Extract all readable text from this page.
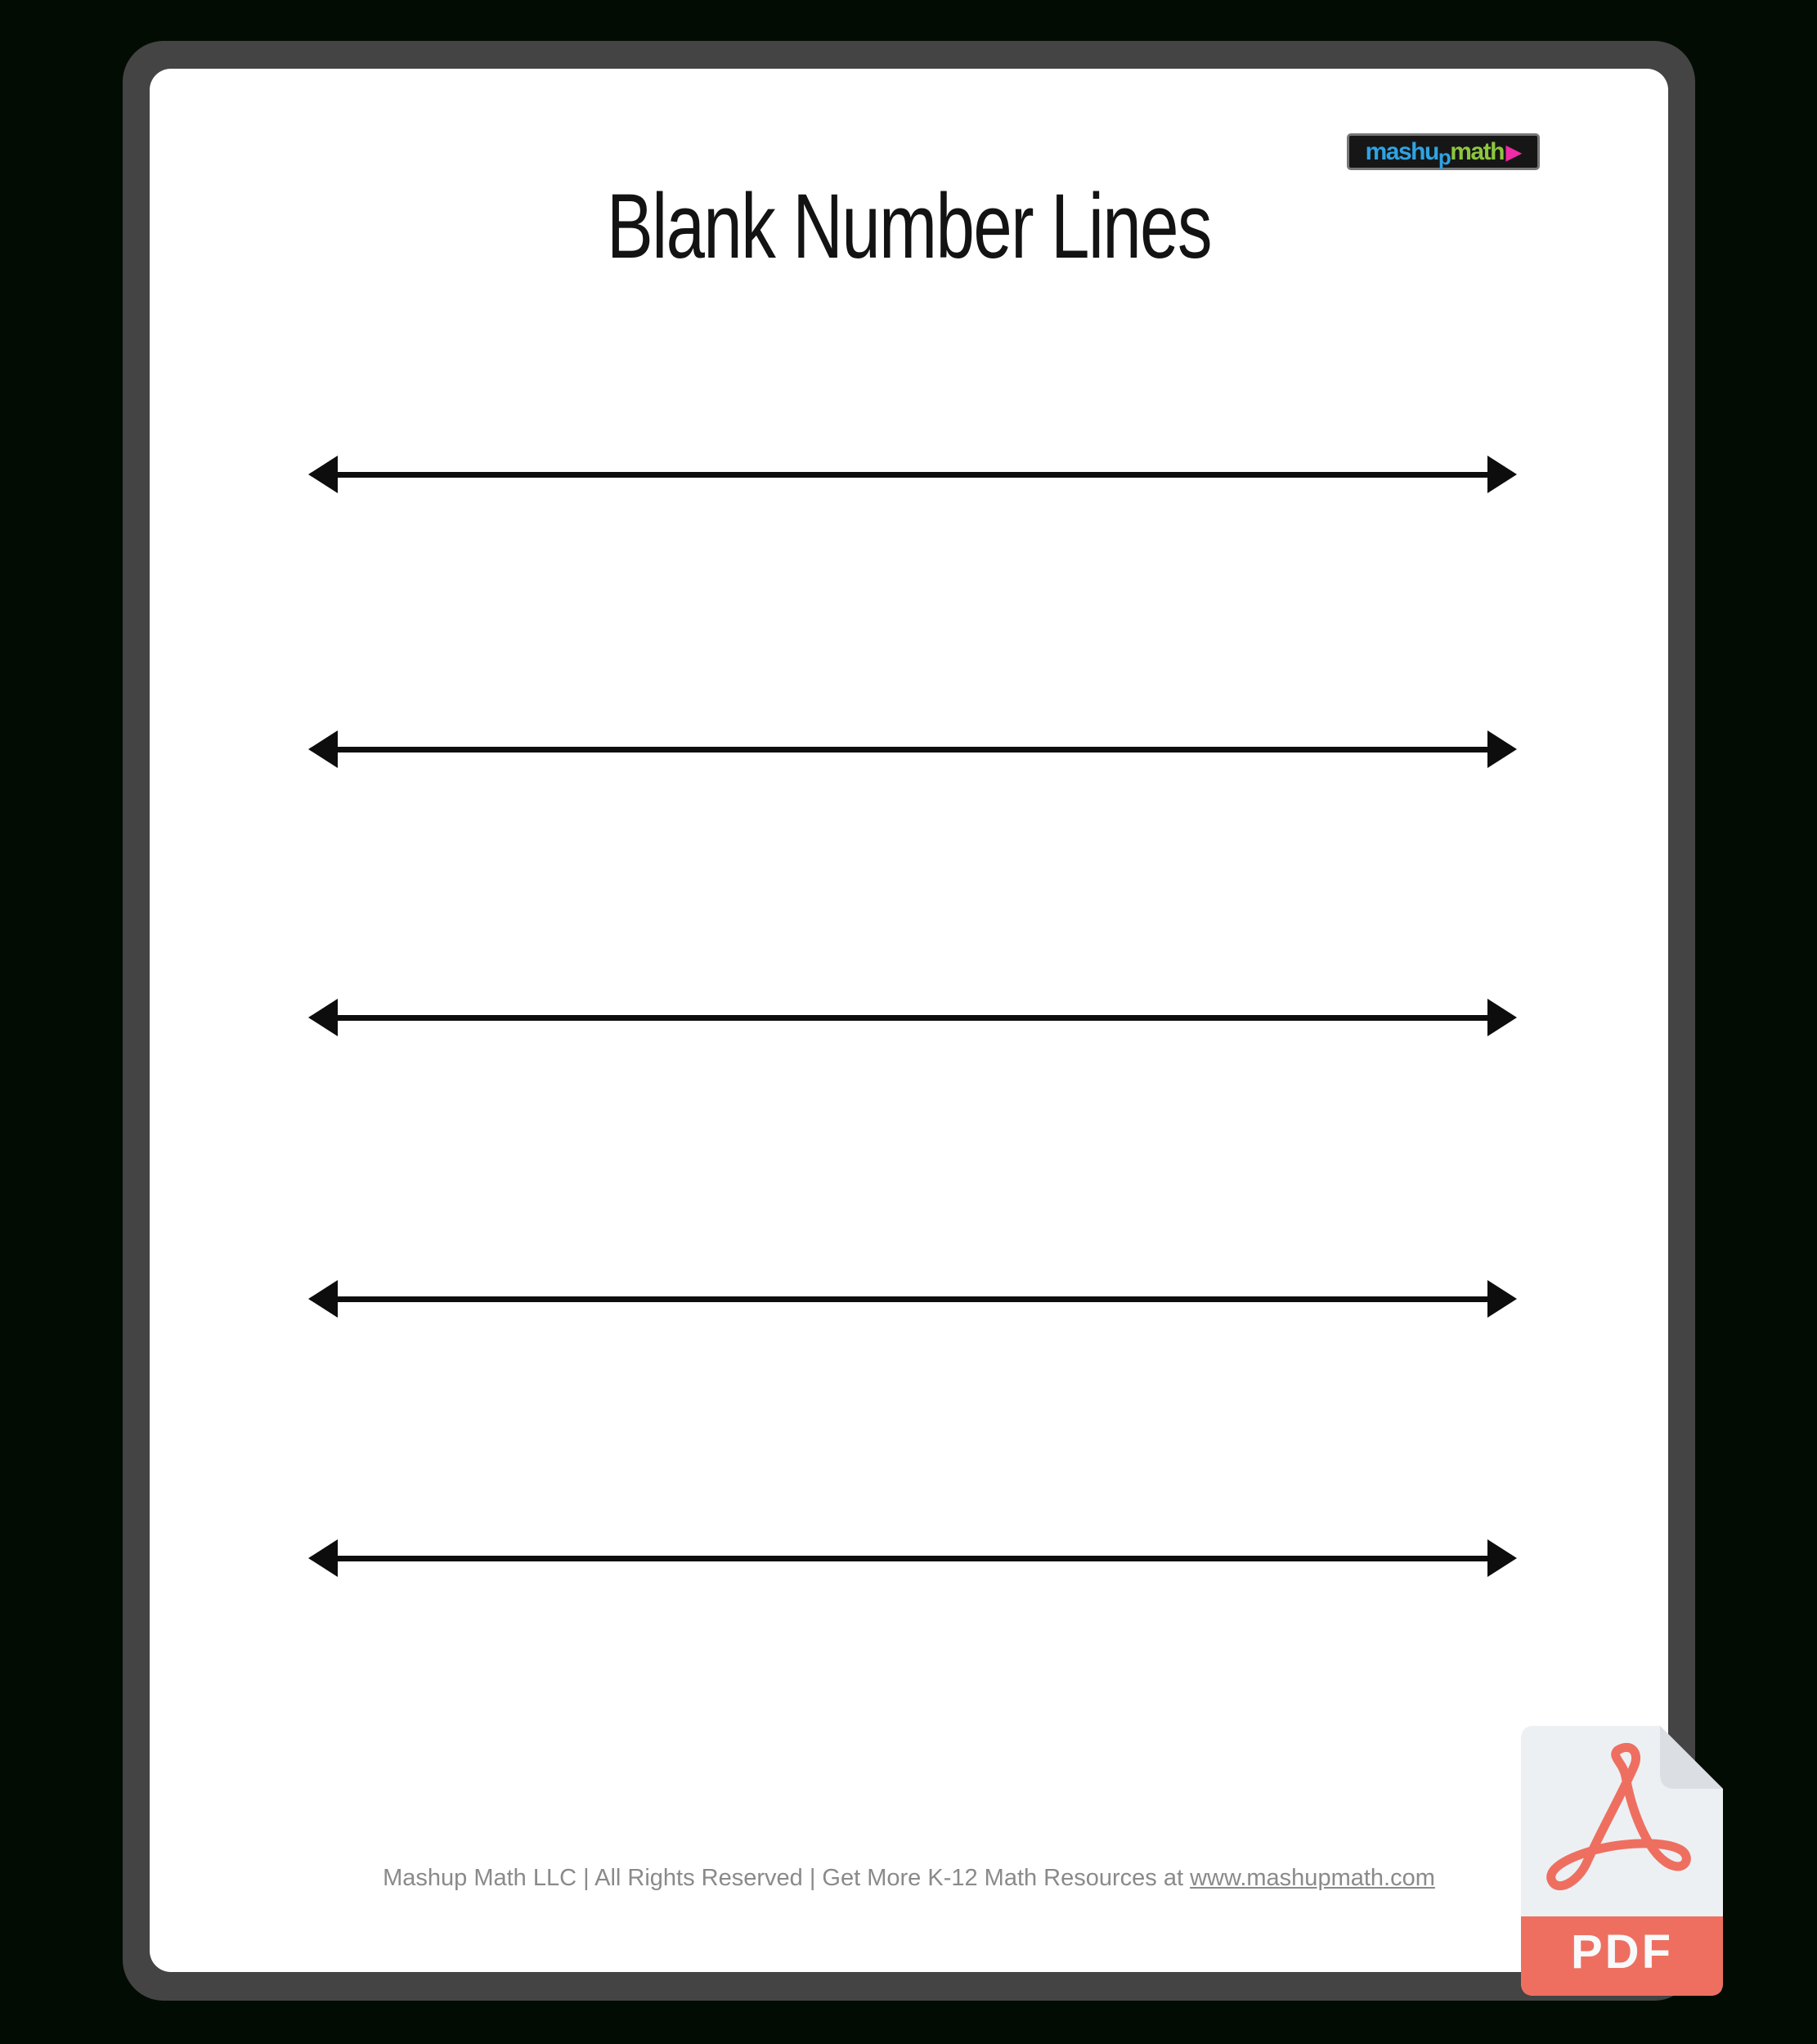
mashu p math ▶
Blank Number Lines
Mashup Math LLC | All Rights Reserved | Get More K-12 Math Resources at www.mashupmath.com
PDF
